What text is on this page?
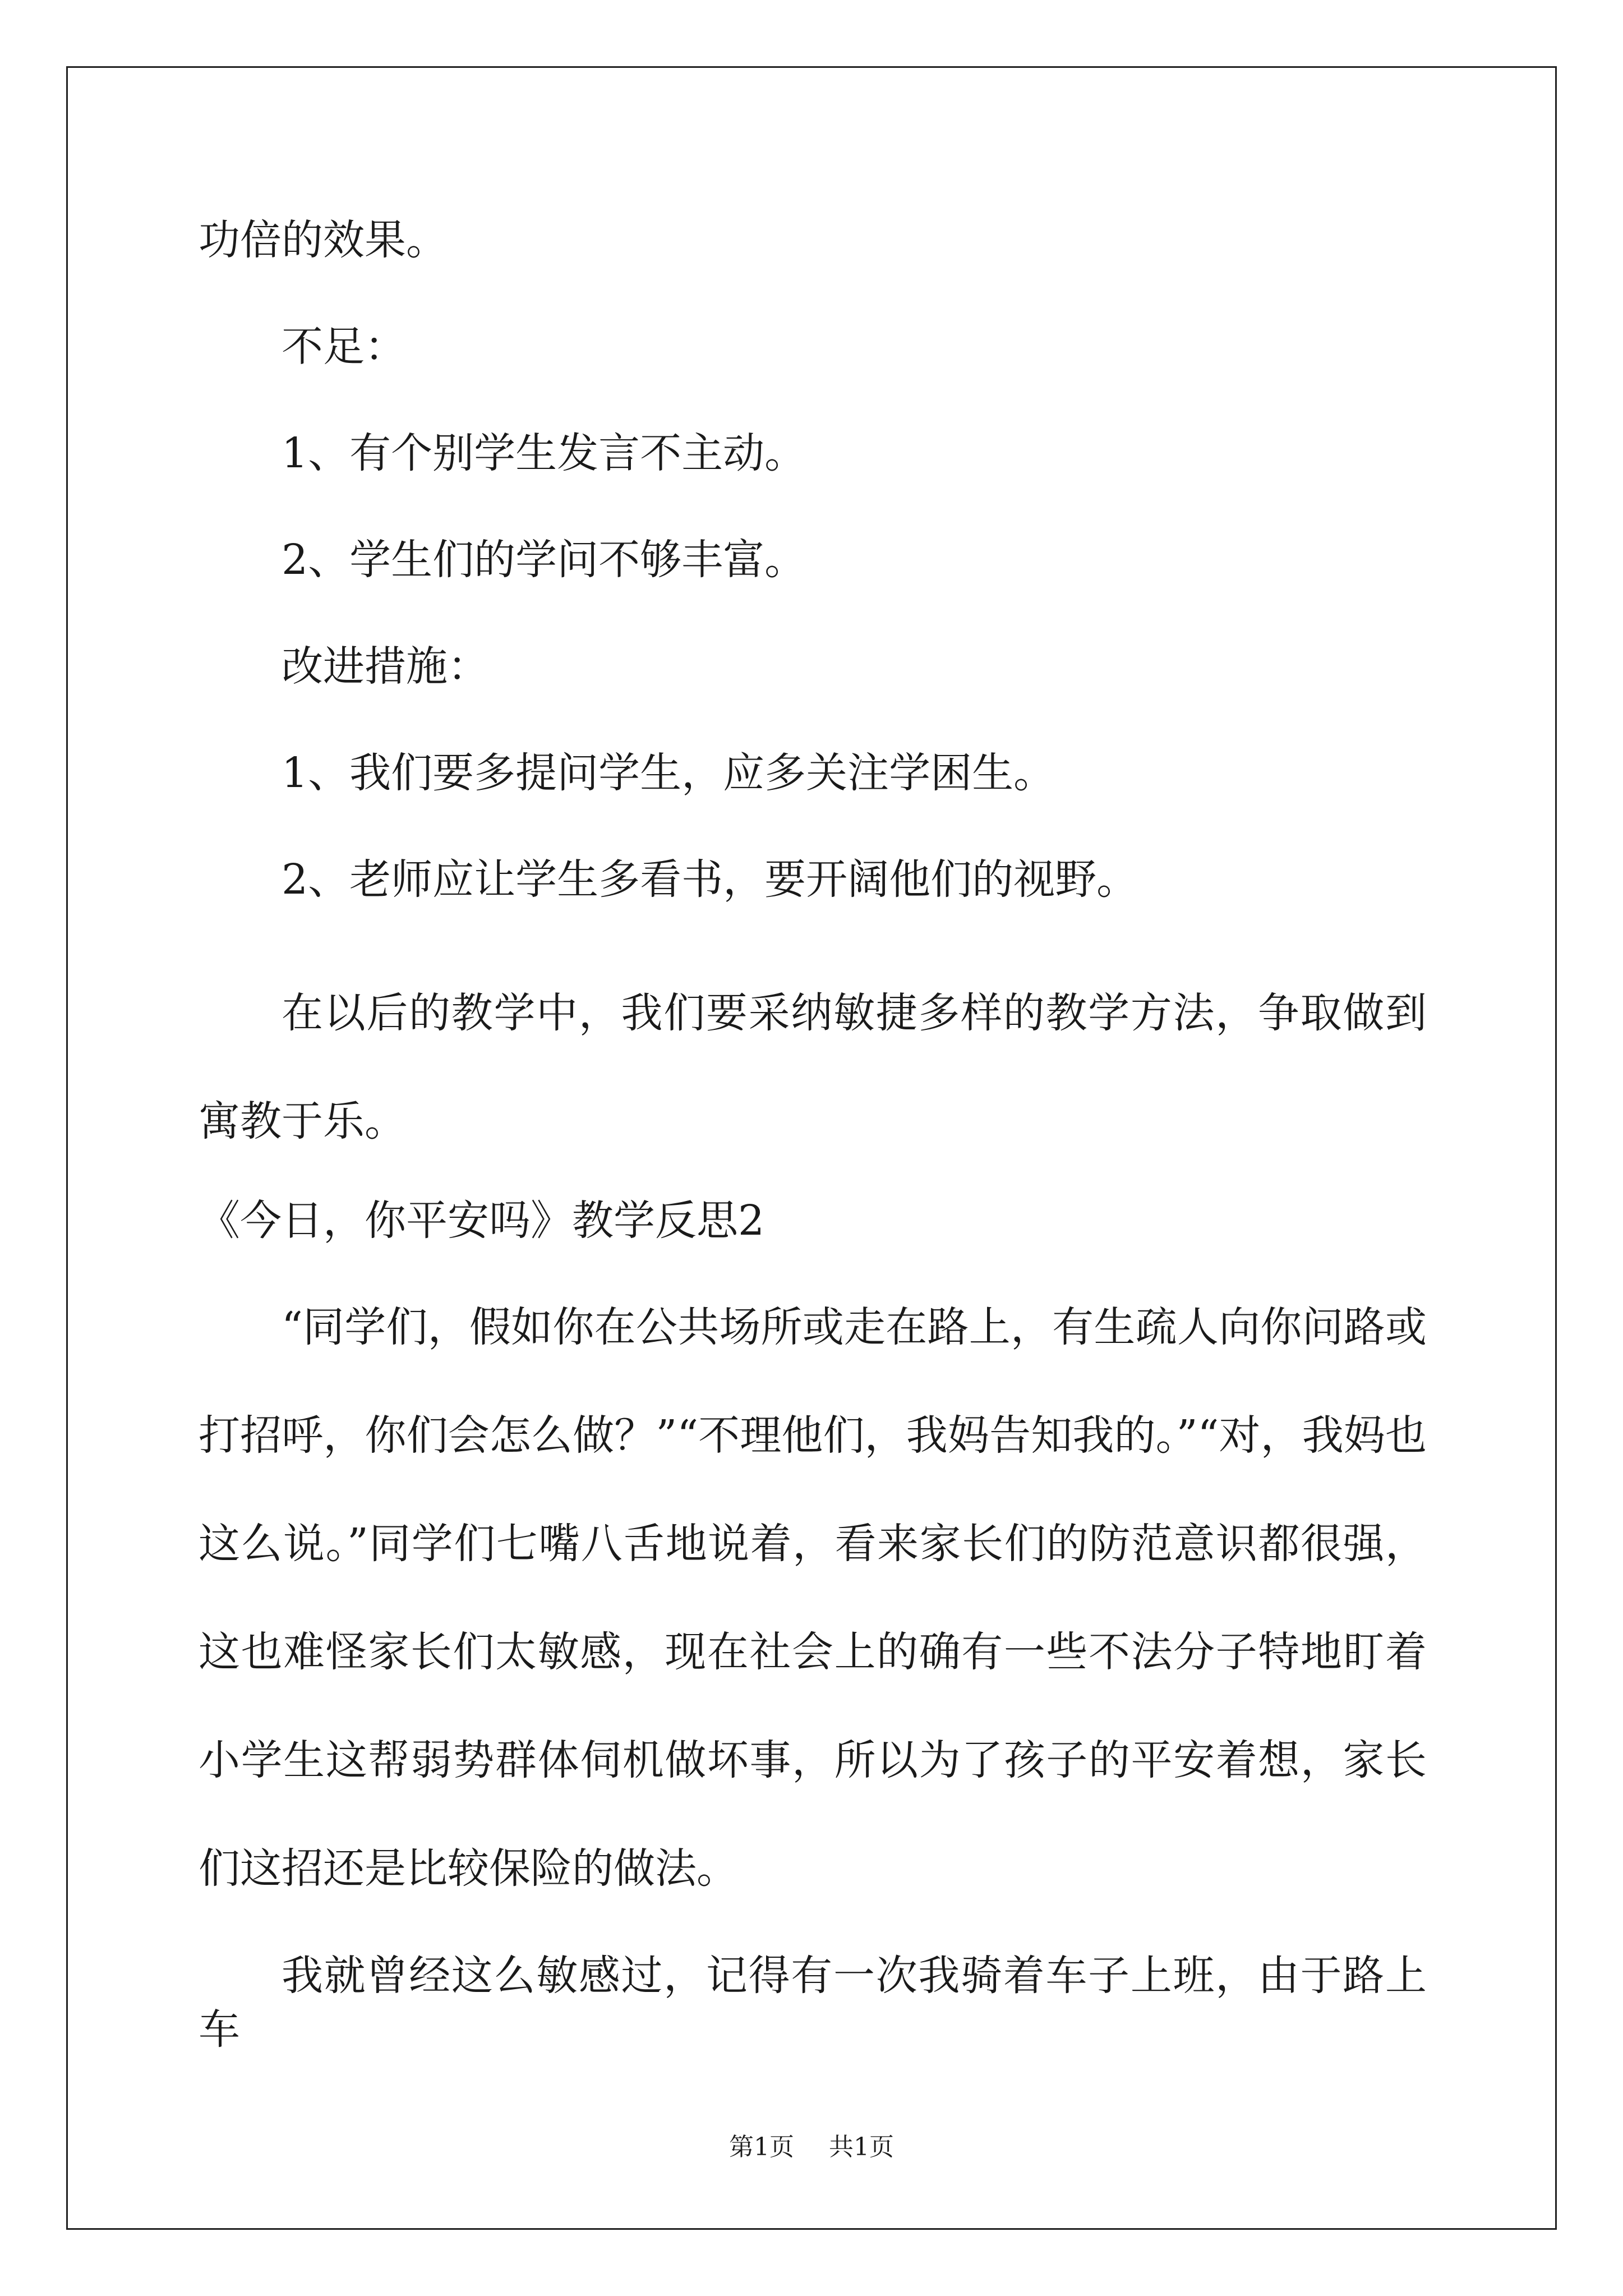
功倍的效果。

不足：

1、有个别学生发言不主动。

2、学生们的学问不够丰富。

改进措施：

1、我们要多提问学生，应多关注学困生。

2、老师应让学生多看书，要开阔他们的视野。

在以后的教学中，我们要采纳敏捷多样的教学方法，争取做到寓教于乐。

《今日，你平安吗》教学反思2

“同学们，假如你在公共场所或走在路上，有生疏人向你问路或打招呼，你们会怎么做？”“不理他们，我妈告知我的。”“对，我妈也这么说。”同学们七嘴八舌地说着，看来家长们的防范意识都很强，这也难怪家长们太敏感，现在社会上的确有一些不法分子特地盯着小学生这帮弱势群体伺机做坏事，所以为了孩子的平安着想，家长们这招还是比较保险的做法。

我就曾经这么敏感过，记得有一次我骑着车子上班，由于路上车

第1页 共1页
